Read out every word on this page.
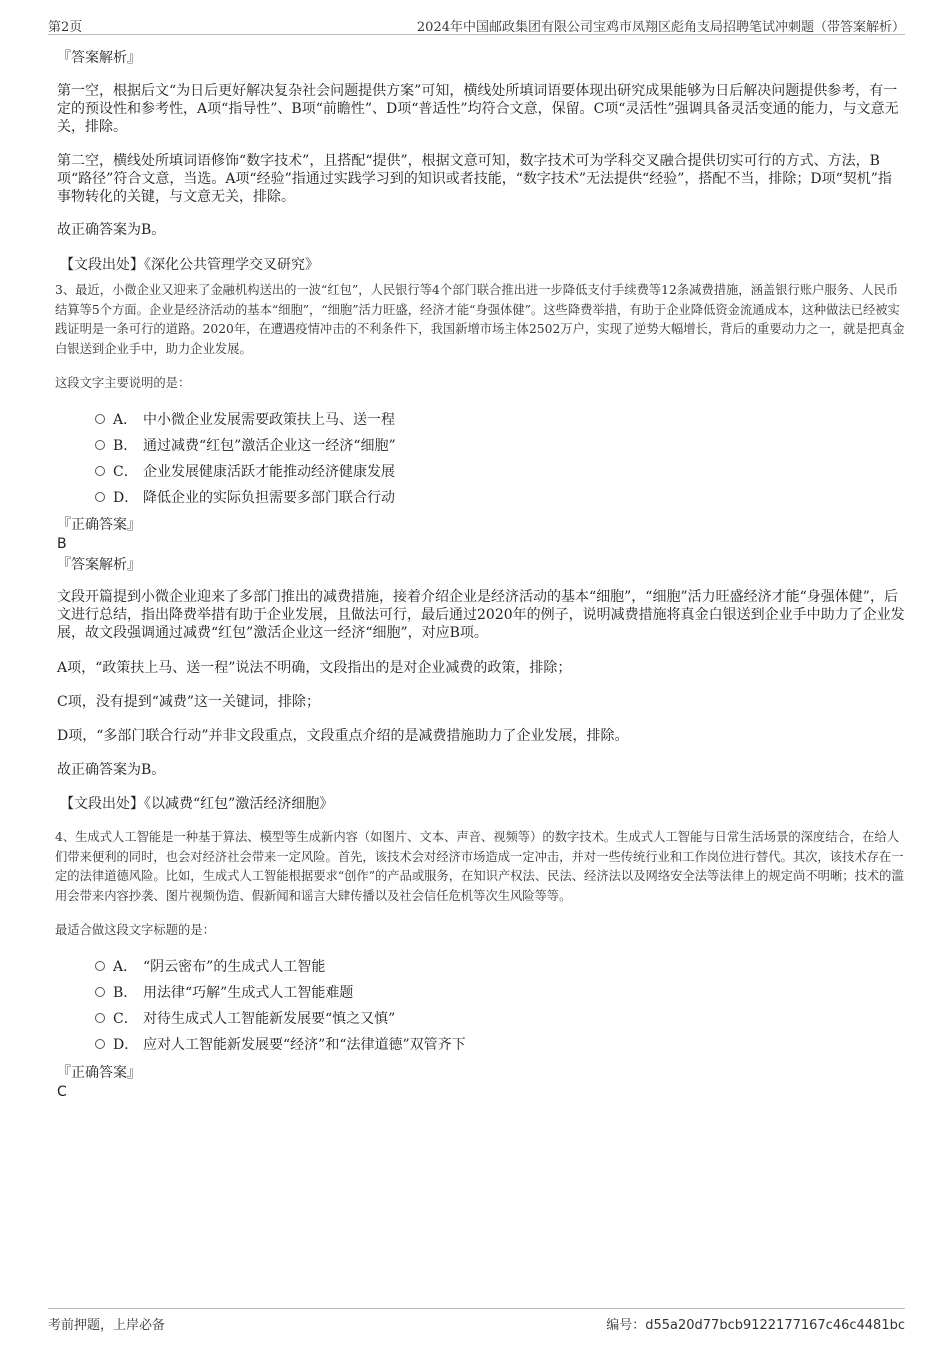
第2页	2024年中国邮政集团有限公司宝鸡市凤翔区彪角支局招聘笔试冲刺题（带答案解析）
『答案解析』

第一空，根据后文“为日后更好解决复杂社会问题提供方案”可知，横线处所填词语要体现出研究成果能够为日后解决问题提供参考，有一定的预设性和参考性，A项“指导性”、B项“前瞻性”、D项“普适性”均符合文意，保留。C项“灵活性”强调具备灵活变通的能力，与文意无关，排除。

第二空，横线处所填词语修饰“数字技术”，且搭配“提供”，根据文意可知，数字技术可为学科交叉融合提供切实可行的方式、方法，B项“路径”符合文意，当选。A项“经验”指通过实践学习到的知识或者技能，“数字技术”无法提供“经验”，搭配不当，排除；D项“契机”指事物转化的关键，与文意无关，排除。

故正确答案为B。

【文段出处】《深化公共管理学交叉研究》

3、最近，小微企业又迎来了金融机构送出的一波“红包”，人民银行等4个部门联合推出进一步降低支付手续费等12条减费措施，涵盖银行账户服务、人民币结算等5个方面。企业是经济活动的基本“细胞”，“细胞”活力旺盛，经济才能“身强体健”。这些降费举措，有助于企业降低资金流通成本，这种做法已经被实践证明是一条可行的道路。2020年，在遭遇疫情冲击的不利条件下，我国新增市场主体2502万户，实现了逆势大幅增长，背后的重要动力之一，就是把真金白银送到企业手中，助力企业发展。

这段文字主要说明的是：

A． 中小微企业发展需要政策扶上马、送一程
B． 通过减费“红包”激活企业这一经济“细胞”
C． 企业发展健康活跃才能推动经济健康发展
D． 降低企业的实际负担需要多部门联合行动
『正确答案』
B
『答案解析』

文段开篇提到小微企业迎来了多部门推出的减费措施，接着介绍企业是经济活动的基本“细胞”，“细胞”活力旺盛经济才能“身强体健”，后文进行总结，指出降费举措有助于企业发展，且做法可行，最后通过2020年的例子，说明减费措施将真金白银送到企业手中助力了企业发展，故文段强调通过减费“红包”激活企业这一经济“细胞”，对应B项。

A项，“政策扶上马、送一程”说法不明确，文段指出的是对企业减费的政策，排除；

C项，没有提到“减费”这一关键词，排除；

D项，“多部门联合行动”并非文段重点，文段重点介绍的是减费措施助力了企业发展，排除。

故正确答案为B。

【文段出处】《以减费“红包”激活经济细胞》

4、生成式人工智能是一种基于算法、模型等生成新内容（如图片、文本、声音、视频等）的数字技术。生成式人工智能与日常生活场景的深度结合，在给人们带来便利的同时，也会对经济社会带来一定风险。首先，该技术会对经济市场造成一定冲击，并对一些传统行业和工作岗位进行替代。其次，该技术存在一定的法律道德风险。比如，生成式人工智能根据要求“创作”的产品或服务，在知识产权法、民法、经济法以及网络安全法等法律上的规定尚不明晰；技术的滥用会带来内容抄袭、图片视频伪造、假新闻和谣言大肆传播以及社会信任危机等次生风险等等。

最适合做这段文字标题的是：

A． “阴云密布”的生成式人工智能
B． 用法律“巧解”生成式人工智能难题
C． 对待生成式人工智能新发展要“慎之又慎”
D． 应对人工智能新发展要“经济”和“法律道德”双管齐下
『正确答案』
C
考前押题，上岸必备	编号：d55a20d77bcb9122177167c46c4481bc
